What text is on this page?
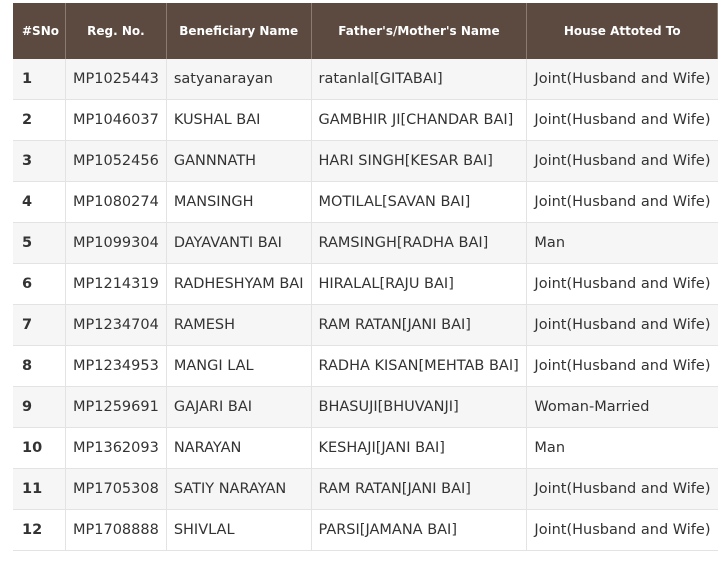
#SNo	Reg. No.	Beneficiary Name	Father's/Mother's Name	House Attoted To
1	MP1025443	satyanarayan	ratanlal[GITABAI]	Joint(Husband and Wife)
2	MP1046037	KUSHAL BAI	GAMBHIR JI[CHANDAR BAI]	Joint(Husband and Wife)
3	MP1052456	GANNNATH	HARI SINGH[KESAR BAI]	Joint(Husband and Wife)
4	MP1080274	MANSINGH	MOTILAL[SAVAN BAI]	Joint(Husband and Wife)
5	MP1099304	DAYAVANTI BAI	RAMSINGH[RADHA BAI]	Man
6	MP1214319	RADHESHYAM BAI	HIRALAL[RAJU BAI]	Joint(Husband and Wife)
7	MP1234704	RAMESH	RAM RATAN[JANI BAI]	Joint(Husband and Wife)
8	MP1234953	MANGI LAL	RADHA KISAN[MEHTAB BAI]	Joint(Husband and Wife)
9	MP1259691	GAJARI BAI	BHASUJI[BHUVANJI]	Woman-Married
10	MP1362093	NARAYAN	KESHAJI[JANI BAI]	Man
11	MP1705308	SATIY NARAYAN	RAM RATAN[JANI BAI]	Joint(Husband and Wife)
12	MP1708888	SHIVLAL	PARSI[JAMANA BAI]	Joint(Husband and Wife)
